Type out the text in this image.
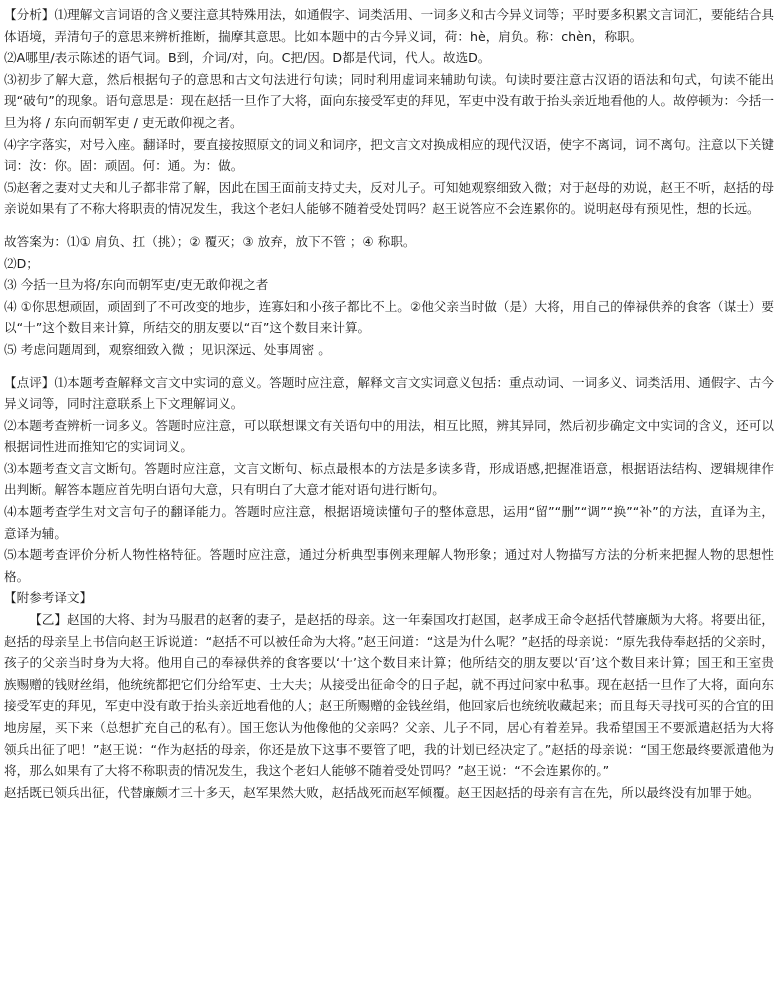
【分析】⑴理解文言词语的含义要注意其特殊用法，如通假字、词类活用、一词多义和古今异义词等；平时要多积累文言词汇，要能结合具体语境，弄清句子的意思来辨析推断，揣摩其意思。比如本题中的古今异义词，荷：hè，肩负。称：chèn，称职。

⑵A哪里/表示陈述的语气词。B到，介词/对，向。C把/因。D都是代词，代人。故选D。

⑶初步了解大意，然后根据句子的意思和古文句法进行句读；同时利用虚词来辅助句读。句读时要注意古汉语的语法和句式，句读不能出现“破句”的现象。语句意思是：现在赵括一旦作了大将，面向东接受军吏的拜见，军吏中没有敢于抬头亲近地看他的人。故停顿为：今括一旦为将 / 东向而朝军吏 / 吏无敢仰视之者。

⑷字字落实，对号入座。翻译时，要直接按照原文的词义和词序，把文言文对换成相应的现代汉语，使字不离词，词不离句。注意以下关键词：汝：你。固：顽固。何：通。为：做。

⑸赵奢之妻对丈夫和儿子都非常了解，因此在国王面前支持丈夫，反对儿子。可知她观察细致入微；对于赵母的劝说，赵王不听，赵括的母亲说如果有了不称大将职责的情况发生，我这个老妇人能够不随着受处罚吗？赵王说答应不会连累你的。说明赵母有预见性，想的长远。

故答案为：⑴① 肩负、扛（挑）；② 覆灭；③ 放弃，放下不管 ；④ 称职。

⑵D；

⑶ 今括一旦为将/东向而朝军吏/吏无敢仰视之者

⑷ ①你思想顽固，顽固到了不可改变的地步，连寡妇和小孩子都比不上。②他父亲当时做（是）大将，用自己的俸禄供养的食客（谋士）要以“十”这个数目来计算，所结交的朋友要以“百”这个数目来计算。

⑸ 考虑问题周到，观察细致入微 ；见识深远、处事周密 。

【点评】⑴本题考查解释文言文中实词的意义。答题时应注意，解释文言文实词意义包括：重点动词、一词多义、词类活用、通假字、古今异义词等，同时注意联系上下文理解词义。

⑵本题考查辨析一词多义。答题时应注意，可以联想课文有关语句中的用法，相互比照，辨其异同，然后初步确定文中实词的含义，还可以根据词性进而推知它的实词词义。

⑶本题考查文言文断句。答题时应注意，文言文断句、标点最根本的方法是多读多背，形成语感,把握准语意，根据语法结构、逻辑规律作出判断。解答本题应首先明白语句大意，只有明白了大意才能对语句进行断句。

⑷本题考查学生对文言句子的翻译能力。答题时应注意，根据语境读懂句子的整体意思，运用“留”“删”“调”“换”“补”的方法，直译为主，意译为辅。

⑸本题考查评价分析人物性格特征。答题时应注意，通过分析典型事例来理解人物形象；通过对人物描写方法的分析来把握人物的思想性格。

【附参考译文】

【乙】赵国的大将、封为马服君的赵奢的妻子，是赵括的母亲。这一年秦国攻打赵国，赵孝成王命令赵括代替廉颇为大将。将要出征，赵括的母亲呈上书信向赵王诉说道：“赵括不可以被任命为大将。”赵王问道：“这是为什么呢？”赵括的母亲说：“原先我侍奉赵括的父亲时，孩子的父亲当时身为大将。他用自己的奉禄供养的食客要以‘十’这个数目来计算；他所结交的朋友要以‘百’这个数目来计算；国王和王室贵族赐赠的钱财丝绢，他统统都把它们分给军吏、士大夫；从接受出征命令的日子起，就不再过问家中私事。现在赵括一旦作了大将，面向东接受军吏的拜见，军吏中没有敢于抬头亲近地看他的人；赵王所赐赠的金钱丝绢，他回家后也统统收藏起来；而且每天寻找可买的合宜的田地房屋，买下来（总想扩充自己的私有）。国王您认为他像他的父亲吗？父亲、儿子不同，居心有着差异。我希望国王不要派遣赵括为大将领兵出征了吧！”赵王说：“作为赵括的母亲，你还是放下这事不要管了吧，我的计划已经决定了。”赵括的母亲说：“国王您最终要派遣他为将，那么如果有了大将不称职责的情况发生，我这个老妇人能够不随着受处罚吗？”赵王说：“不会连累你的。”

赵括既已领兵出征，代替廉颇才三十多天，赵军果然大败，赵括战死而赵军倾覆。赵王因赵括的母亲有言在先，所以最终没有加罪于她。
